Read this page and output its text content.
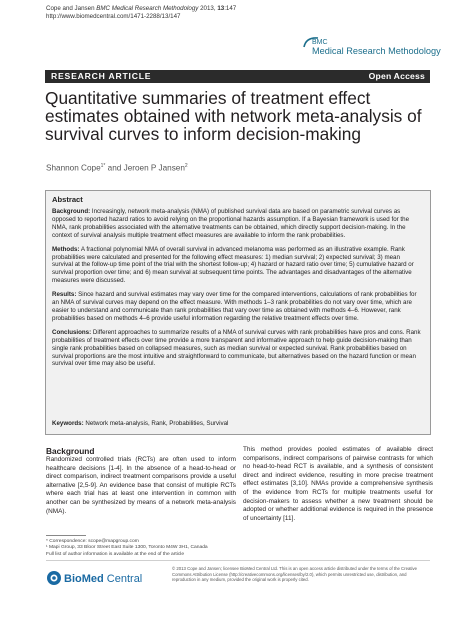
Cope and Jansen BMC Medical Research Methodology 2013, 13:147
http://www.biomedcentral.com/1471-2288/13/147
BMC
Medical Research Methodology
RESEARCH ARTICLE	Open Access
Quantitative summaries of treatment effect estimates obtained with network meta-analysis of survival curves to inform decision-making
Shannon Cope$^{1*}$ and Jeroen P Jansen$^2$
Abstract

Background: Increasingly, network meta-analysis (NMA) of published survival data are based on parametric survival curves as opposed to reported hazard ratios to avoid relying on the proportional hazards assumption. If a Bayesian framework is used for the NMA, rank probabilities associated with the alternative treatments can be obtained, which directly support decision-making. In the context of survival analysis multiple treatment effect measures are available to inform the rank probabilities.

Methods: A fractional polynomial NMA of overall survival in advanced melanoma was performed as an illustrative example. Rank probabilities were calculated and presented for the following effect measures: 1) median survival; 2) expected survival; 3) mean survival at the follow-up time point of the trial with the shortest follow-up; 4) hazard or hazard ratio over time; 5) cumulative hazard or survival proportion over time; and 6) mean survival at subsequent time points. The advantages and disadvantages of the alternative measures were discussed.

Results: Since hazard and survival estimates may vary over time for the compared interventions, calculations of rank probabilities for an NMA of survival curves may depend on the effect measure. With methods 1–3 rank probabilities do not vary over time, which are easier to understand and communicate than rank probabilities that vary over time as obtained with methods 4–6. However, rank probabilities based on methods 4–6 provide useful information regarding the relative treatment effects over time.

Conclusions: Different approaches to summarize results of a NMA of survival curves with rank probabilities have pros and cons. Rank probabilities of treatment effects over time provide a more transparent and informative approach to help guide decision-making than single rank probabilities based on collapsed measures, such as median survival or expected survival. Rank probabilities based on survival proportions are the most intuitive and straightforward to communicate, but alternatives based on the hazard function or mean survival over time may also be useful.

Keywords: Network meta-analysis, Rank, Probabilities, Survival
Background
Randomized controlled trials (RCTs) are often used to inform healthcare decisions [1-4]. In the absence of a head-to-head or direct comparison, indirect treatment comparisons provide a useful alternative [2,5-9]. An evidence base that consist of multiple RCTs where each trial has at least one intervention in common with another can be synthesized by means of a network meta-analysis (NMA).
This method provides pooled estimates of available direct comparisons, indirect comparisons of pairwise contrasts for which no head-to-head RCT is available, and a synthesis of consistent direct and indirect evidence, resulting in more precise treatment effect estimates [3,10]. NMAs provide a comprehensive synthesis of the evidence from RCTs for multiple treatments useful for decision-makers to assess whether a new treatment should be adopted or whether additional evidence is required in the presence of uncertainty [11].
* Correspondence: scope@mapgroup.com
¹ Mapi Group, 33 Bloor Street East Suite 1300, Toronto M4W 3H1, Canada
Full list of author information is available at the end of the article
BioMed Central
© 2013 Cope and Jansen; licensee BioMed Central Ltd. This is an open access article distributed under the terms of the Creative Commons Attribution License (http://creativecommons.org/licenses/by/2.0), which permits unrestricted use, distribution, and reproduction in any medium, provided the original work is properly cited.
